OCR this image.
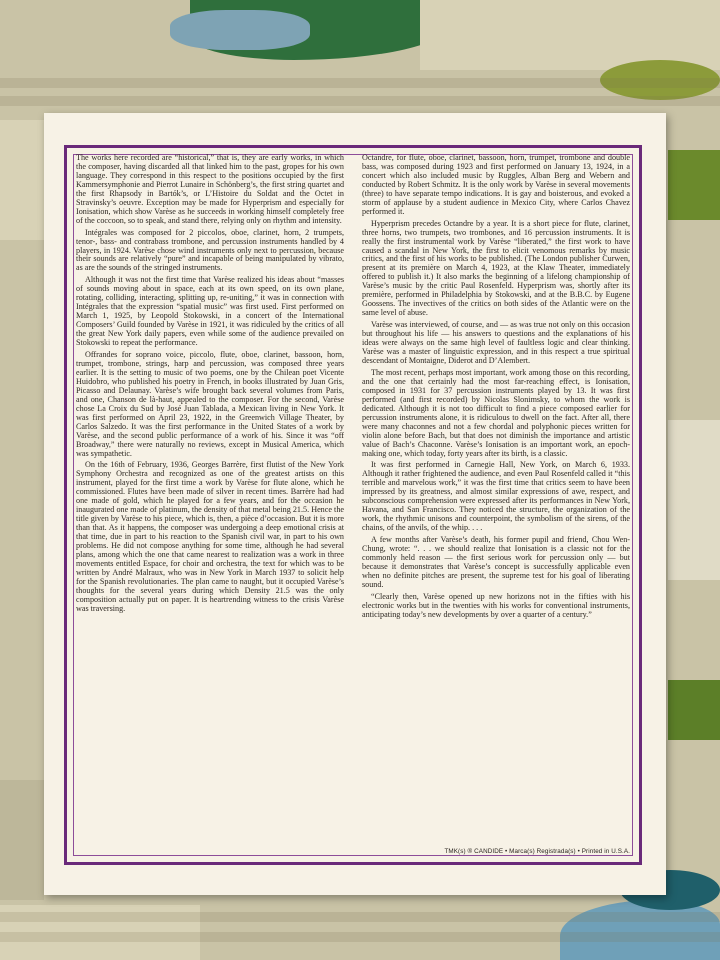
The works here recorded are “historical,” that is, they are early works, in which the composer, having discarded all that linked him to the past, gropes for his own language. They correspond in this respect to the positions occupied by the first Kammersymphonie and Pierrot Lunaire in Schönberg’s, the first string quartet and the first Rhapsody in Bartók’s, or L’Histoire du Soldat and the Octet in Stravinsky’s oeuvre. Exception may be made for Hyperprism and especially for Ionisation, which show Varèse as he succeeds in working himself completely free of the coccoon, so to speak, and stand there, relying only on rhythm and intensity.

Intégrales was composed for 2 piccolos, oboe, clarinet, horn, 2 trumpets, tenor-, bass- and contrabass trombone, and percussion instruments handled by 4 players, in 1924. Varèse chose wind instruments only next to percussion, because their sounds are relatively “pure” and incapable of being manipulated by vibrato, as are the sounds of the stringed instruments.

Although it was not the first time that Varèse realized his ideas about “masses of sounds moving about in space, each at its own speed, on its own plane, rotating, colliding, interacting, splitting up, re-uniting,” it was in connection with Intégrales that the expression “spatial music” was first used. First performed on March 1, 1925, by Leopold Stokowski, in a concert of the International Composers’ Guild founded by Varèse in 1921, it was ridiculed by the critics of all the great New York daily papers, even while some of the audience prevailed on Stokowski to repeat the performance.

Offrandes for soprano voice, piccolo, flute, oboe, clarinet, bassoon, horn, trumpet, trombone, strings, harp and percussion, was composed three years earlier. It is the setting to music of two poems, one by the Chilean poet Vicente Huidobro, who published his poetry in French, in books illustrated by Juan Gris, Picasso and Delaunay. Varèse’s wife brought back several volumes from Paris, and one, Chanson de là-haut, appealed to the composer. For the second, Varèse chose La Croix du Sud by José Juan Tablada, a Mexican living in New York. It was first performed on April 23, 1922, in the Greenwich Village Theater, by Carlos Salzedo. It was the first performance in the United States of a work by Varèse, and the second public performance of a work of his. Since it was “off Broadway,” there were naturally no reviews, except in Musical America, which was sympathetic.

On the 16th of February, 1936, Georges Barrère, first flutist of the New York Symphony Orchestra and recognized as one of the greatest artists on this instrument, played for the first time a work by Varèse for flute alone, which he commissioned. Flutes have been made of silver in recent times. Barrère had had one made of gold, which he played for a few years, and for the occasion he inaugurated one made of platinum, the density of that metal being 21.5. Hence the title given by Varèse to his piece, which is, then, a pièce d’occasion. But it is more than that. As it happens, the composer was undergoing a deep emotional crisis at that time, due in part to his reaction to the Spanish civil war, in part to his own problems. He did not compose anything for some time, although he had several plans, among which the one that came nearest to realization was a work in three movements entitled Espace, for choir and orchestra, the text for which was to be written by André Malraux, who was in New York in March 1937 to solicit help for the Spanish revolutionaries. The plan came to naught, but it occupied Varèse’s thoughts for the several years during which Density 21.5 was the only composition actually put on paper. It is heartrending witness to the crisis Varèse was traversing.

Octandre, for flute, oboe, clarinet, bassoon, horn, trumpet, trombone and double bass, was composed during 1923 and first performed on January 13, 1924, in a concert which also included music by Ruggles, Alban Berg and Webern and conducted by Robert Schmitz. It is the only work by Varèse in several movements (three) to have separate tempo indications. It is gay and boisterous, and evoked a storm of applause by a student audience in Mexico City, where Carlos Chavez performed it.

Hyperprism precedes Octandre by a year. It is a short piece for flute, clarinet, three horns, two trumpets, two trombones, and 16 percussion instruments. It is really the first instrumental work by Varèse “liberated,” the first work to have caused a scandal in New York, the first to elicit venomous remarks by music critics, and the first of his works to be published. (The London publisher Curwen, present at its première on March 4, 1923, at the Klaw Theater, immediately offered to publish it.) It also marks the beginning of a lifelong championship of Varèse’s music by the critic Paul Rosenfeld. Hyperprism was, shortly after its première, performed in Philadelphia by Stokowski, and at the B.B.C. by Eugene Goossens. The invectives of the critics on both sides of the Atlantic were on the same level of abuse.

Varèse was interviewed, of course, and — as was true not only on this occasion but throughout his life — his answers to questions and the explanations of his ideas were always on the same high level of faultless logic and clear thinking. Varèse was a master of linguistic expression, and in this respect a true spiritual descendant of Montaigne, Diderot and D’Alembert.

The most recent, perhaps most important, work among those on this recording, and the one that certainly had the most far-reaching effect, is Ionisation, composed in 1931 for 37 percussion instruments played by 13. It was first performed (and first recorded) by Nicolas Slonimsky, to whom the work is dedicated. Although it is not too difficult to find a piece composed earlier for percussion instruments alone, it is ridiculous to dwell on the fact. After all, there were many chaconnes and not a few chordal and polyphonic pieces written for violin alone before Bach, but that does not diminish the importance and artistic value of Bach’s Chaconne. Varèse’s Ionisation is an important work, an epoch-making one, which today, forty years after its birth, is a classic.

It was first performed in Carnegie Hall, New York, on March 6, 1933. Although it rather frightened the audience, and even Paul Rosenfeld called it “this terrible and marvelous work,” it was the first time that critics seem to have been impressed by its greatness, and almost similar expressions of awe, respect, and subconscious comprehension were expressed after its performances in New York, Havana, and San Francisco. They noticed the structure, the organization of the work, the rhythmic unisons and counterpoint, the symbolism of the sirens, of the chains, of the anvils, of the whip. . . .

A few months after Varèse’s death, his former pupil and friend, Chou Wen-Chung, wrote: “. . . we should realize that Ionisation is a classic not for the commonly held reason — the first serious work for percussion only — but because it demonstrates that Varèse’s concept is successfully applicable even when no definite pitches are present, the supreme test for his goal of liberating sound.

“Clearly then, Varèse opened up new horizons not in the fifties with his electronic works but in the twenties with his works for conventional instruments, anticipating today’s new developments by over a quarter of a century.”

TMK(s) ® CANDIDE • Marca(s) Registrada(s) • Printed in U.S.A.
